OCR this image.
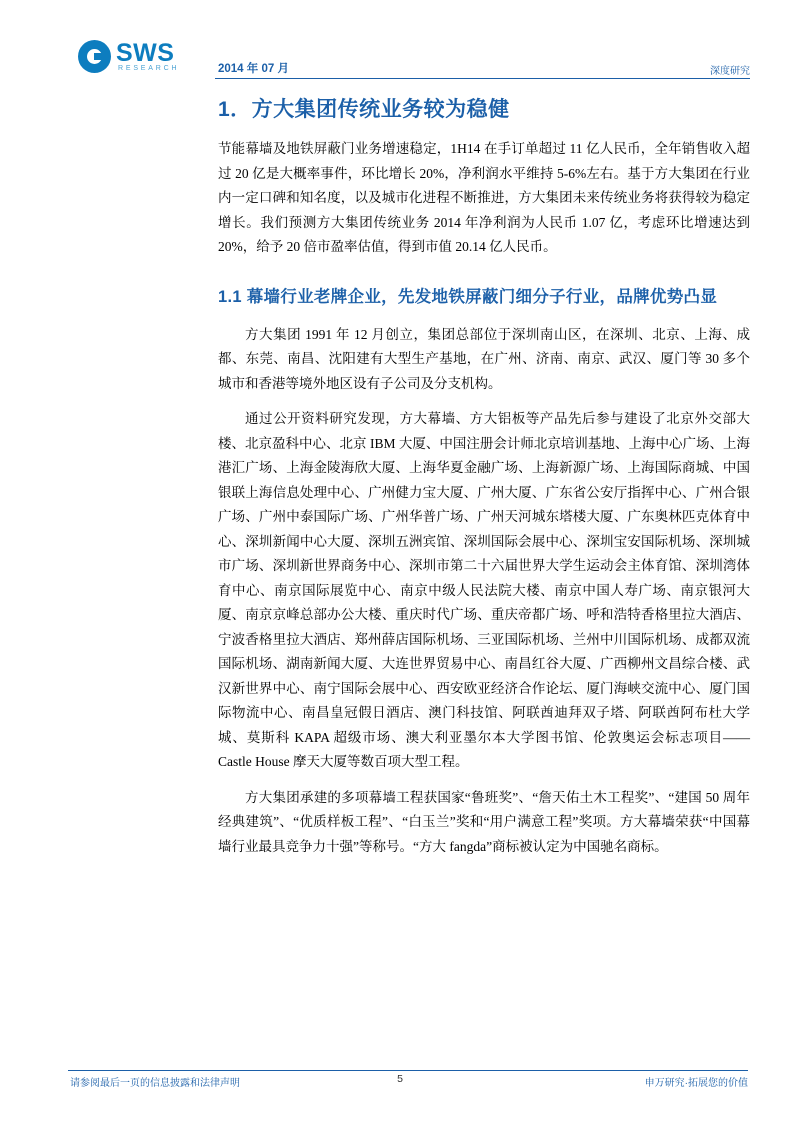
SWS
RESEARCH	2014 年 07 月	深度研究
1．方大集团传统业务较为稳健

节能幕墙及地铁屏蔽门业务增速稳定，1H14 在手订单超过 11 亿人民币，全年销售收入超过 20 亿是大概率事件，环比增长 20%，净利润水平维持 5-6%左右。基于方大集团在行业内一定口碑和知名度，以及城市化进程不断推进，方大集团未来传统业务将获得较为稳定增长。我们预测方大集团传统业务 2014 年净利润为人民币 1.07 亿，考虑环比增速达到 20%，给予 20 倍市盈率估值，得到市值 20.14 亿人民币。

1.1 幕墙行业老牌企业，先发地铁屏蔽门细分子行业，品牌优势凸显

方大集团 1991 年 12 月创立，集团总部位于深圳南山区，在深圳、北京、上海、成都、东莞、南昌、沈阳建有大型生产基地，在广州、济南、南京、武汉、厦门等 30 多个城市和香港等境外地区设有子公司及分支机构。

通过公开资料研究发现，方大幕墙、方大铝板等产品先后参与建设了北京外交部大楼、北京盈科中心、北京 IBM 大厦、中国注册会计师北京培训基地、上海中心广场、上海港汇广场、上海金陵海欣大厦、上海华夏金融广场、上海新源广场、上海国际商城、中国银联上海信息处理中心、广州健力宝大厦、广州大厦、广东省公安厅指挥中心、广州合银广场、广州中泰国际广场、广州华普广场、广州天河城东塔楼大厦、广东奥林匹克体育中心、深圳新闻中心大厦、深圳五洲宾馆、深圳国际会展中心、深圳宝安国际机场、深圳城市广场、深圳新世界商务中心、深圳市第二十六届世界大学生运动会主体育馆、深圳湾体育中心、南京国际展览中心、南京中级人民法院大楼、南京中国人寿广场、南京银河大厦、南京京峰总部办公大楼、重庆时代广场、重庆帝都广场、呼和浩特香格里拉大酒店、宁波香格里拉大酒店、郑州薛店国际机场、三亚国际机场、兰州中川国际机场、成都双流国际机场、湖南新闻大厦、大连世界贸易中心、南昌红谷大厦、广西柳州文昌综合楼、武汉新世界中心、南宁国际会展中心、西安欧亚经济合作论坛、厦门海峡交流中心、厦门国际物流中心、南昌皇冠假日酒店、澳门科技馆、阿联酋迪拜双子塔、阿联酋阿布杜大学城、莫斯科 KAPA 超级市场、澳大利亚墨尔本大学图书馆、伦敦奥运会标志项目——Castle House 摩天大厦等数百项大型工程。

方大集团承建的多项幕墙工程获国家“鲁班奖”、“詹天佑土木工程奖”、“建国 50 周年经典建筑”、“优质样板工程”、“白玉兰”奖和“用户满意工程”奖项。方大幕墙荣获“中国幕墙行业最具竞争力十强”等称号。“方大 fangda”商标被认定为中国驰名商标。

请参阅最后一页的信息披露和法律声明	5	申万研究·拓展您的价值
